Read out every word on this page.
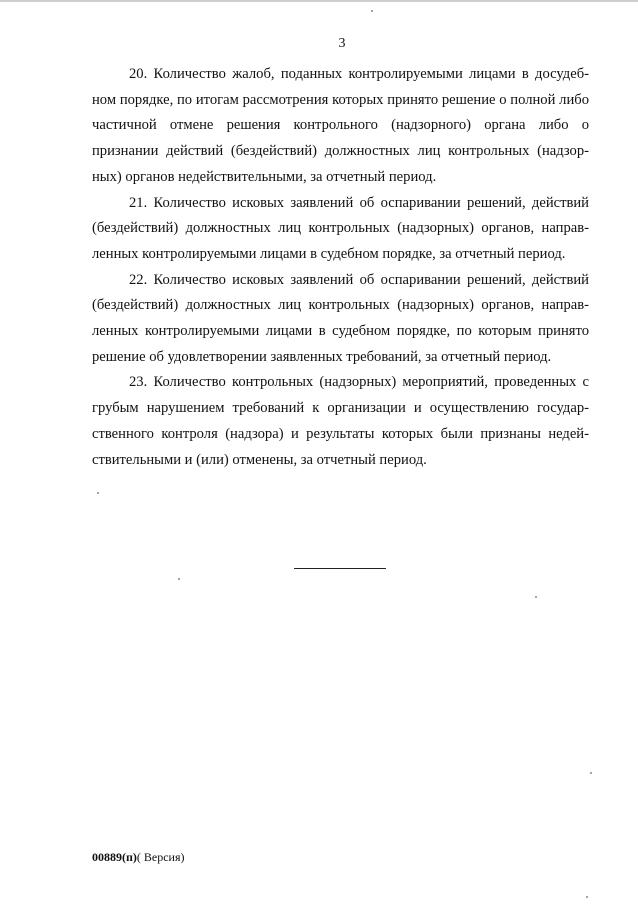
3

20. Количество жалоб, поданных контролируемыми лицами в досудебном порядке, по итогам рассмотрения которых принято решение о полной либо частичной отмене решения контрольного (надзорного) органа либо о признании действий (бездействий) должностных лиц контрольных (надзорных) органов недействительными, за отчетный период.

21. Количество исковых заявлений об оспаривании решений, действий (бездействий) должностных лиц контрольных (надзорных) органов, направленных контролируемыми лицами в судебном порядке, за отчетный период.

22. Количество исковых заявлений об оспаривании решений, действий (бездействий) должностных лиц контрольных (надзорных) органов, направленных контролируемыми лицами в судебном порядке, по которым принято решение об удовлетворении заявленных требований, за отчетный период.

23. Количество контрольных (надзорных) мероприятий, проведенных с грубым нарушением требований к организации и осуществлению государственного контроля (надзора) и результаты которых были признаны недействительными и (или) отменены, за отчетный период.

00889(п)( Версия)
